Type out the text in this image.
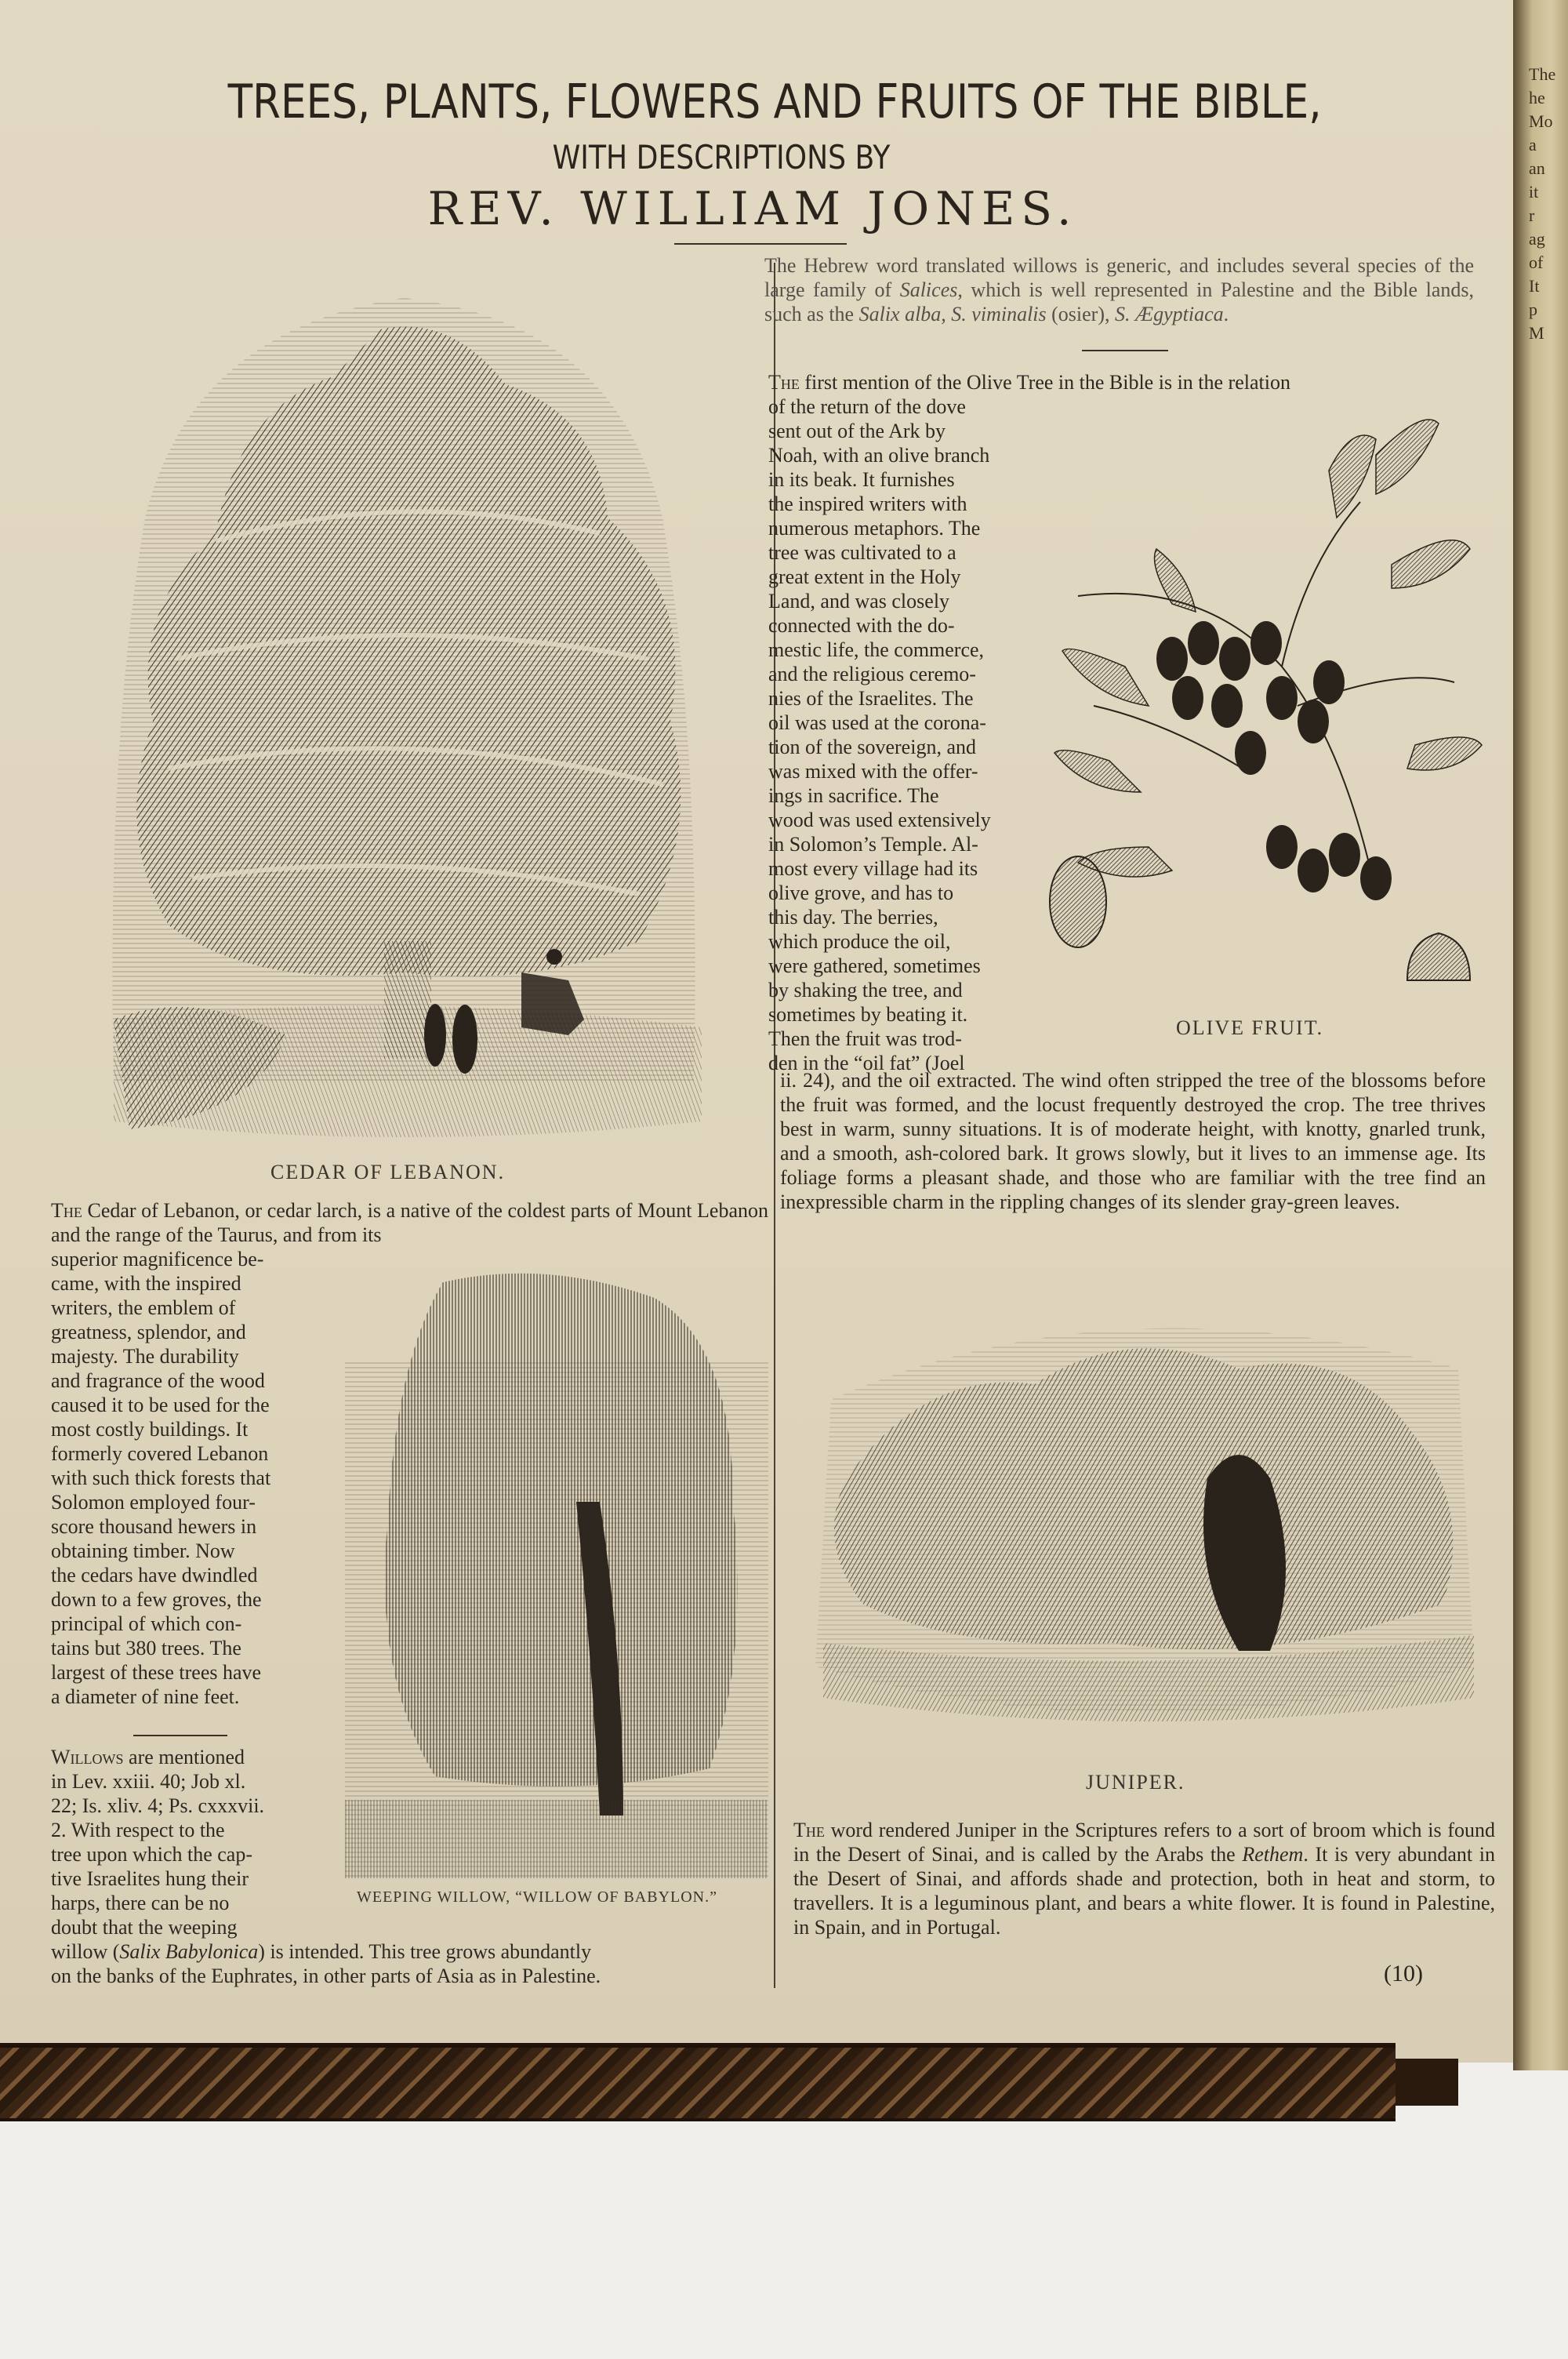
The
he
Mo
a
an
it
r
ag
of
It
p
M
TREES, PLANTS, FLOWERS AND FRUITS OF THE BIBLE,
WITH DESCRIPTIONS BY
REV. WILLIAM JONES.
CEDAR OF LEBANON.
The Cedar of Lebanon, or cedar larch, is a native of the coldest parts of Mount Lebanon and the range of the Taurus, and from its
superior magnificence be-
came, with the inspired
writers, the emblem of
greatness, splendor, and
majesty. The durability
and fragrance of the wood
caused it to be used for the
most costly buildings. It
formerly covered Lebanon
with such thick forests that
Solomon employed four-
score thousand hewers in
obtaining timber. Now
the cedars have dwindled
down to a few groves, the
principal of which con-
tains but 380 trees. The
largest of these trees have
a diameter of nine feet.
WEEPING WILLOW, “WILLOW OF BABYLON.”
Willows are mentioned
in Lev. xxiii. 40; Job xl.
22; Is. xliv. 4; Ps. cxxxvii.
2. With respect to the
tree upon which the cap-
tive Israelites hung their
harps, there can be no
doubt that the weeping
willow (Salix Babylonica) is intended. This tree grows abundantly
on the banks of the Euphrates, in other parts of Asia as in Palestine.
The Hebrew word translated willows is generic, and includes several species of the large family of Salices, which is well represented in Palestine and the Bible lands, such as the Salix alba, S. viminalis (osier), S. Ægyptiaca.
The first mention of the Olive Tree in the Bible is in the relation
of the return of the dove
sent out of the Ark by
Noah, with an olive branch
in its beak. It furnishes
the inspired writers with
numerous metaphors. The
tree was cultivated to a
great extent in the Holy
Land, and was closely
connected with the do-
mestic life, the commerce,
and the religious ceremo-
nies of the Israelites. The
oil was used at the corona-
tion of the sovereign, and
was mixed with the offer-
ings in sacrifice. The
wood was used extensively
in Solomon’s Temple. Al-
most every village had its
olive grove, and has to
this day. The berries,
which produce the oil,
were gathered, sometimes
by shaking the tree, and
sometimes by beating it.
Then the fruit was trod-
den in the “oil fat” (Joel
OLIVE FRUIT.
ii. 24), and the oil extracted. The wind often stripped the tree of the blossoms before the fruit was formed, and the locust frequently destroyed the crop. The tree thrives best in warm, sunny situations. It is of moderate height, with knotty, gnarled trunk, and a smooth, ash-colored bark. It grows slowly, but it lives to an immense age. Its foliage forms a pleasant shade, and those who are familiar with the tree find an inexpressible charm in the rippling changes of its slender gray-green leaves.
JUNIPER.
The word rendered Juniper in the Scriptures refers to a sort of broom which is found in the Desert of Sinai, and is called by the Arabs the Rethem. It is very abundant in the Desert of Sinai, and affords shade and protection, both in heat and storm, to travellers. It is a leguminous plant, and bears a white flower. It is found in Palestine, in Spain, and in Portugal.
(10)
